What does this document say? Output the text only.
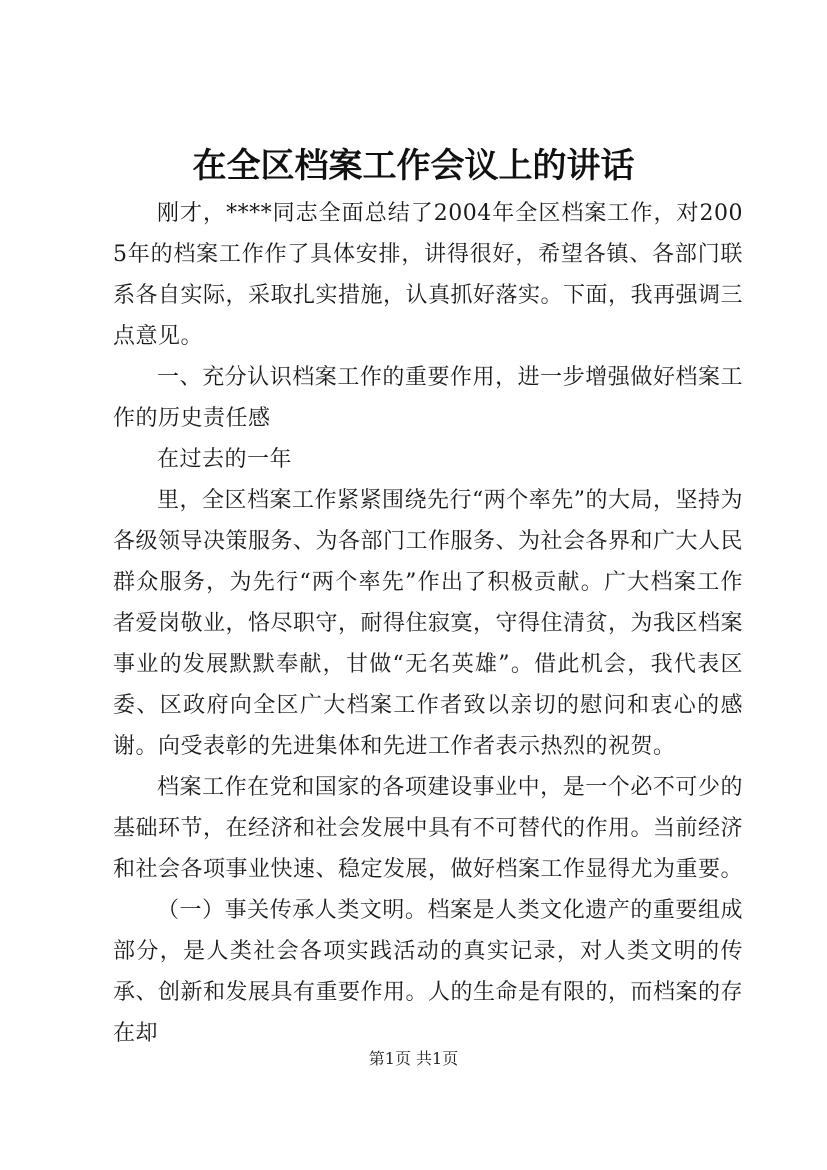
在全区档案工作会议上的讲话

刚才，****同志全面总结了2004年全区档案工作，对2005年的档案工作作了具体安排，讲得很好，希望各镇、各部门联系各自实际，采取扎实措施，认真抓好落实。下面，我再强调三点意见。

一、充分认识档案工作的重要作用，进一步增强做好档案工作的历史责任感

在过去的一年

里，全区档案工作紧紧围绕先行“两个率先”的大局，坚持为各级领导决策服务、为各部门工作服务、为社会各界和广大人民群众服务，为先行“两个率先”作出了积极贡献。广大档案工作者爱岗敬业，恪尽职守，耐得住寂寞，守得住清贫，为我区档案事业的发展默默奉献，甘做“无名英雄”。借此机会，我代表区委、区政府向全区广大档案工作者致以亲切的慰问和衷心的感谢。向受表彰的先进集体和先进工作者表示热烈的祝贺。

档案工作在党和国家的各项建设事业中，是一个必不可少的基础环节，在经济和社会发展中具有不可替代的作用。当前经济和社会各项事业快速、稳定发展，做好档案工作显得尤为重要。

（一）事关传承人类文明。档案是人类文化遗产的重要组成部分，是人类社会各项实践活动的真实记录，对人类文明的传承、创新和发展具有重要作用。人的生命是有限的，而档案的存在却

第1页 共1页
